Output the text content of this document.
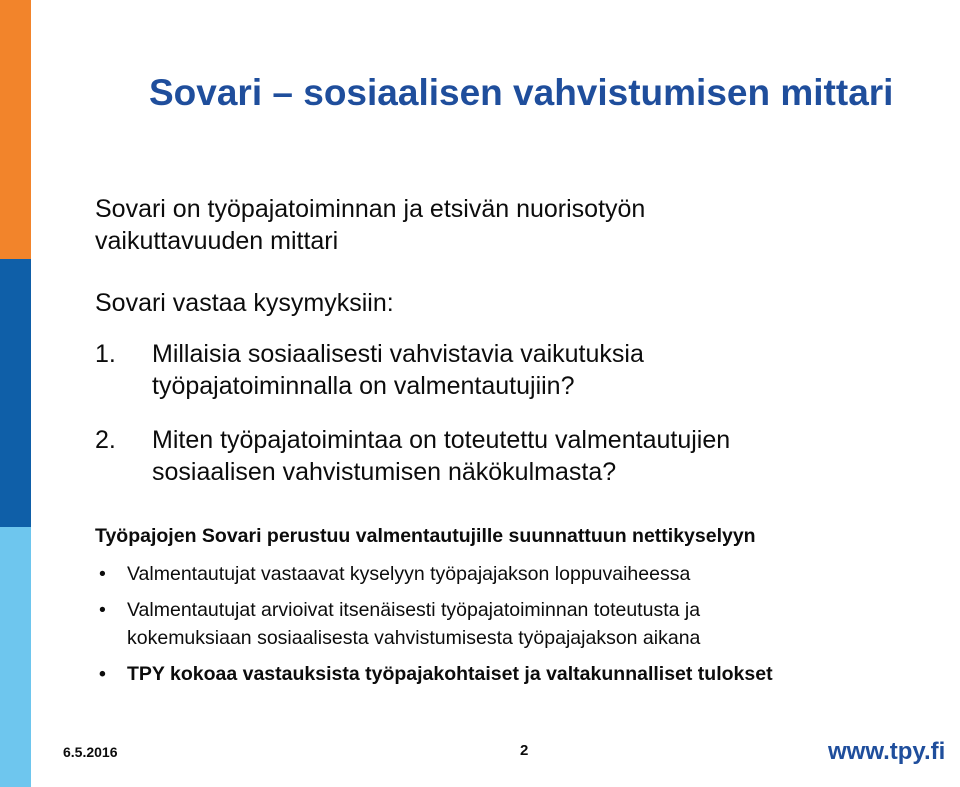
Sovari – sosiaalisen vahvistumisen mittari
Sovari on työpajatoiminnan ja etsivän nuorisotyön
vaikuttavuuden mittari
Sovari vastaa kysymyksiin:
1. Millaisia sosiaalisesti vahvistavia vaikutuksia
työpajatoiminnalla on valmentautujiin?
2. Miten työpajatoimintaa on toteutettu valmentautujien
sosiaalisen vahvistumisen näkökulmasta?
Työpajojen Sovari perustuu valmentautujille suunnattuun nettikyselyyn
• Valmentautujat vastaavat kyselyyn työpajajakson loppuvaiheessa
• Valmentautujat arvioivat itsenäisesti työpajatoiminnan toteutusta ja
kokemuksiaan sosiaalisesta vahvistumisesta työpajajakson aikana
• TPY kokoaa vastauksista työpajakohtaiset ja valtakunnalliset tulokset
6.5.2016	2	www.tpy.fi
